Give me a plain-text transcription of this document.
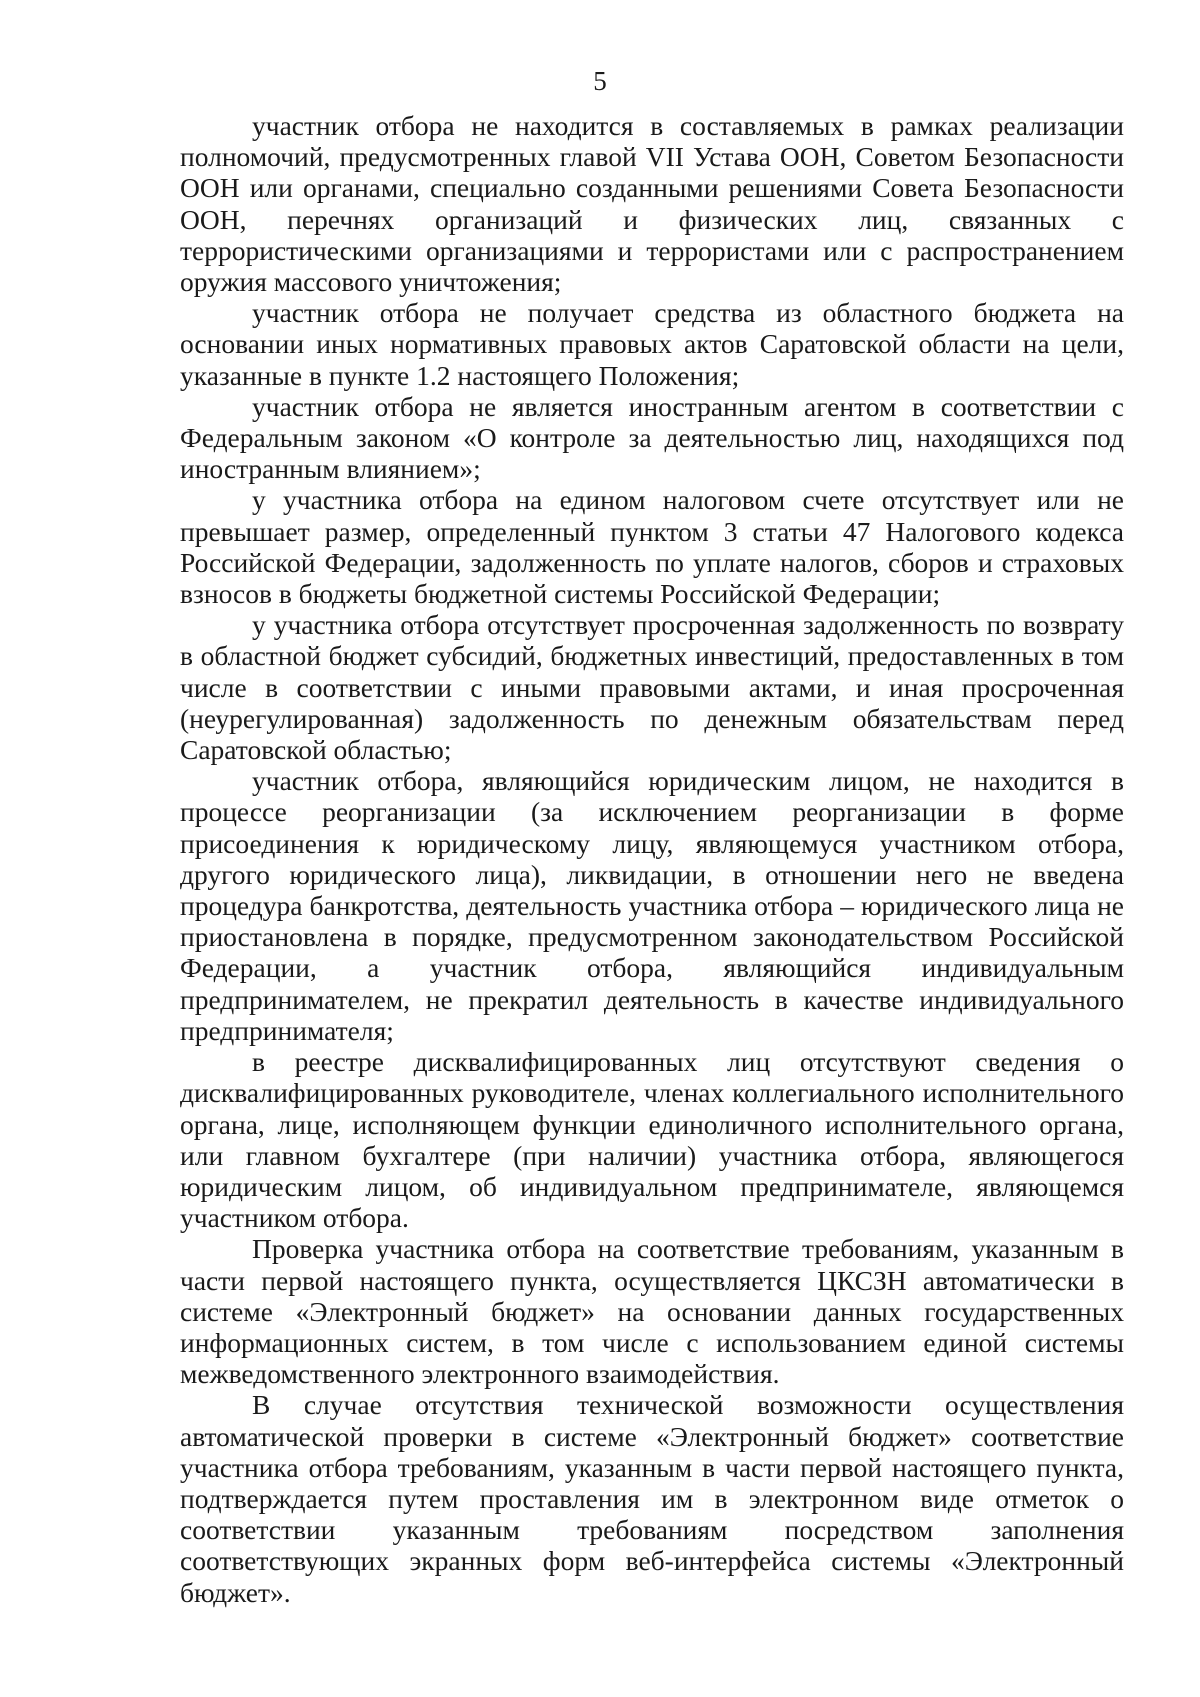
5

участник отбора не находится в составляемых в рамках реализации полномочий, предусмотренных главой VII Устава ООН, Советом Безопасности ООН или органами, специально созданными решениями Совета Безопасности ООН, перечнях организаций и физических лиц, связанных с террористическими организациями и террористами или с распространением оружия массового уничтожения;

участник отбора не получает средства из областного бюджета на основании иных нормативных правовых актов Саратовской области на цели, указанные в пункте 1.2 настоящего Положения;

участник отбора не является иностранным агентом в соответствии с Федеральным законом «О контроле за деятельностью лиц, находящихся под иностранным влиянием»;

у участника отбора на едином налоговом счете отсутствует или не превышает размер, определенный пунктом 3 статьи 47 Налогового кодекса Российской Федерации, задолженность по уплате налогов, сборов и страховых взносов в бюджеты бюджетной системы Российской Федерации;

у участника отбора отсутствует просроченная задолженность по возврату в областной бюджет субсидий, бюджетных инвестиций, предоставленных в том числе в соответствии с иными правовыми актами, и иная просроченная (неурегулированная) задолженность по денежным обязательствам перед Саратовской областью;

участник отбора, являющийся юридическим лицом, не находится в процессе реорганизации (за исключением реорганизации в форме присоединения к юридическому лицу, являющемуся участником отбора, другого юридического лица), ликвидации, в отношении него не введена процедура банкротства, деятельность участника отбора – юридического лица не приостановлена в порядке, предусмотренном законодательством Российской Федерации, а участник отбора, являющийся индивидуальным предпринимателем, не прекратил деятельность в качестве индивидуального предпринимателя;

в реестре дисквалифицированных лиц отсутствуют сведения о дисквалифицированных руководителе, членах коллегиального исполнительного органа, лице, исполняющем функции единоличного исполнительного органа, или главном бухгалтере (при наличии) участника отбора, являющегося юридическим лицом, об индивидуальном предпринимателе, являющемся участником отбора.

Проверка участника отбора на соответствие требованиям, указанным в части первой настоящего пункта, осуществляется ЦКСЗН автоматически в системе «Электронный бюджет» на основании данных государственных информационных систем, в том числе с использованием единой системы межведомственного электронного взаимодействия.

В случае отсутствия технической возможности осуществления автоматической проверки в системе «Электронный бюджет» соответствие участника отбора требованиям, указанным в части первой настоящего пункта, подтверждается путем проставления им в электронном виде отметок о соответствии указанным требованиям посредством заполнения соответствующих экранных форм веб-интерфейса системы «Электронный бюджет».
